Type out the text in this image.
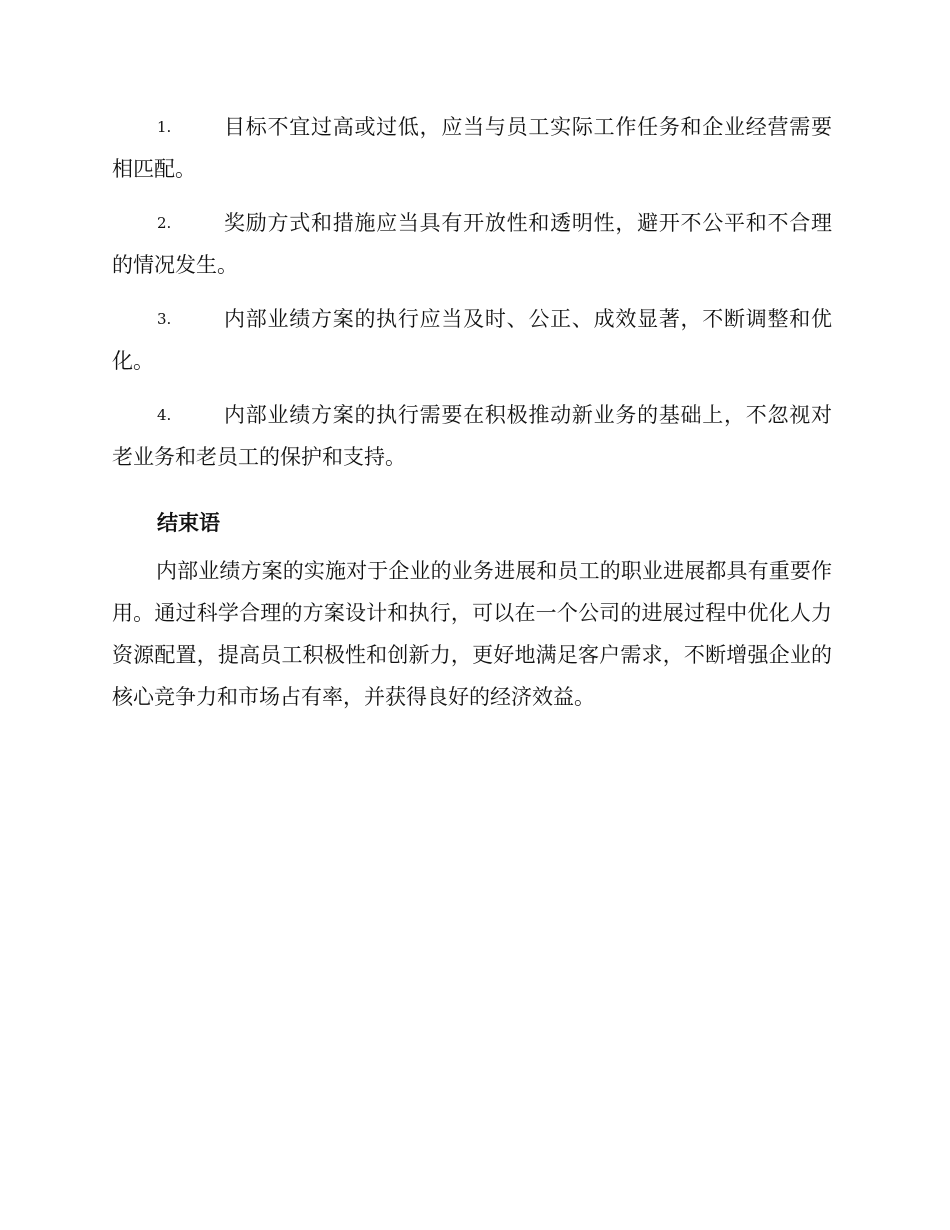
1.	目标不宜过高或过低，应当与员工实际工作任务和企业经营需要相匹配。
2.	奖励方式和措施应当具有开放性和透明性，避开不公平和不合理的情况发生。
3.	内部业绩方案的执行应当及时、公正、成效显著，不断调整和优化。
4.	内部业绩方案的执行需要在积极推动新业务的基础上，不忽视对老业务和老员工的保护和支持。
结束语

内部业绩方案的实施对于企业的业务进展和员工的职业进展都具有重要作用。通过科学合理的方案设计和执行，可以在一个公司的进展过程中优化人力资源配置，提高员工积极性和创新力，更好地满足客户需求，不断增强企业的核心竞争力和市场占有率，并获得良好的经济效益。
